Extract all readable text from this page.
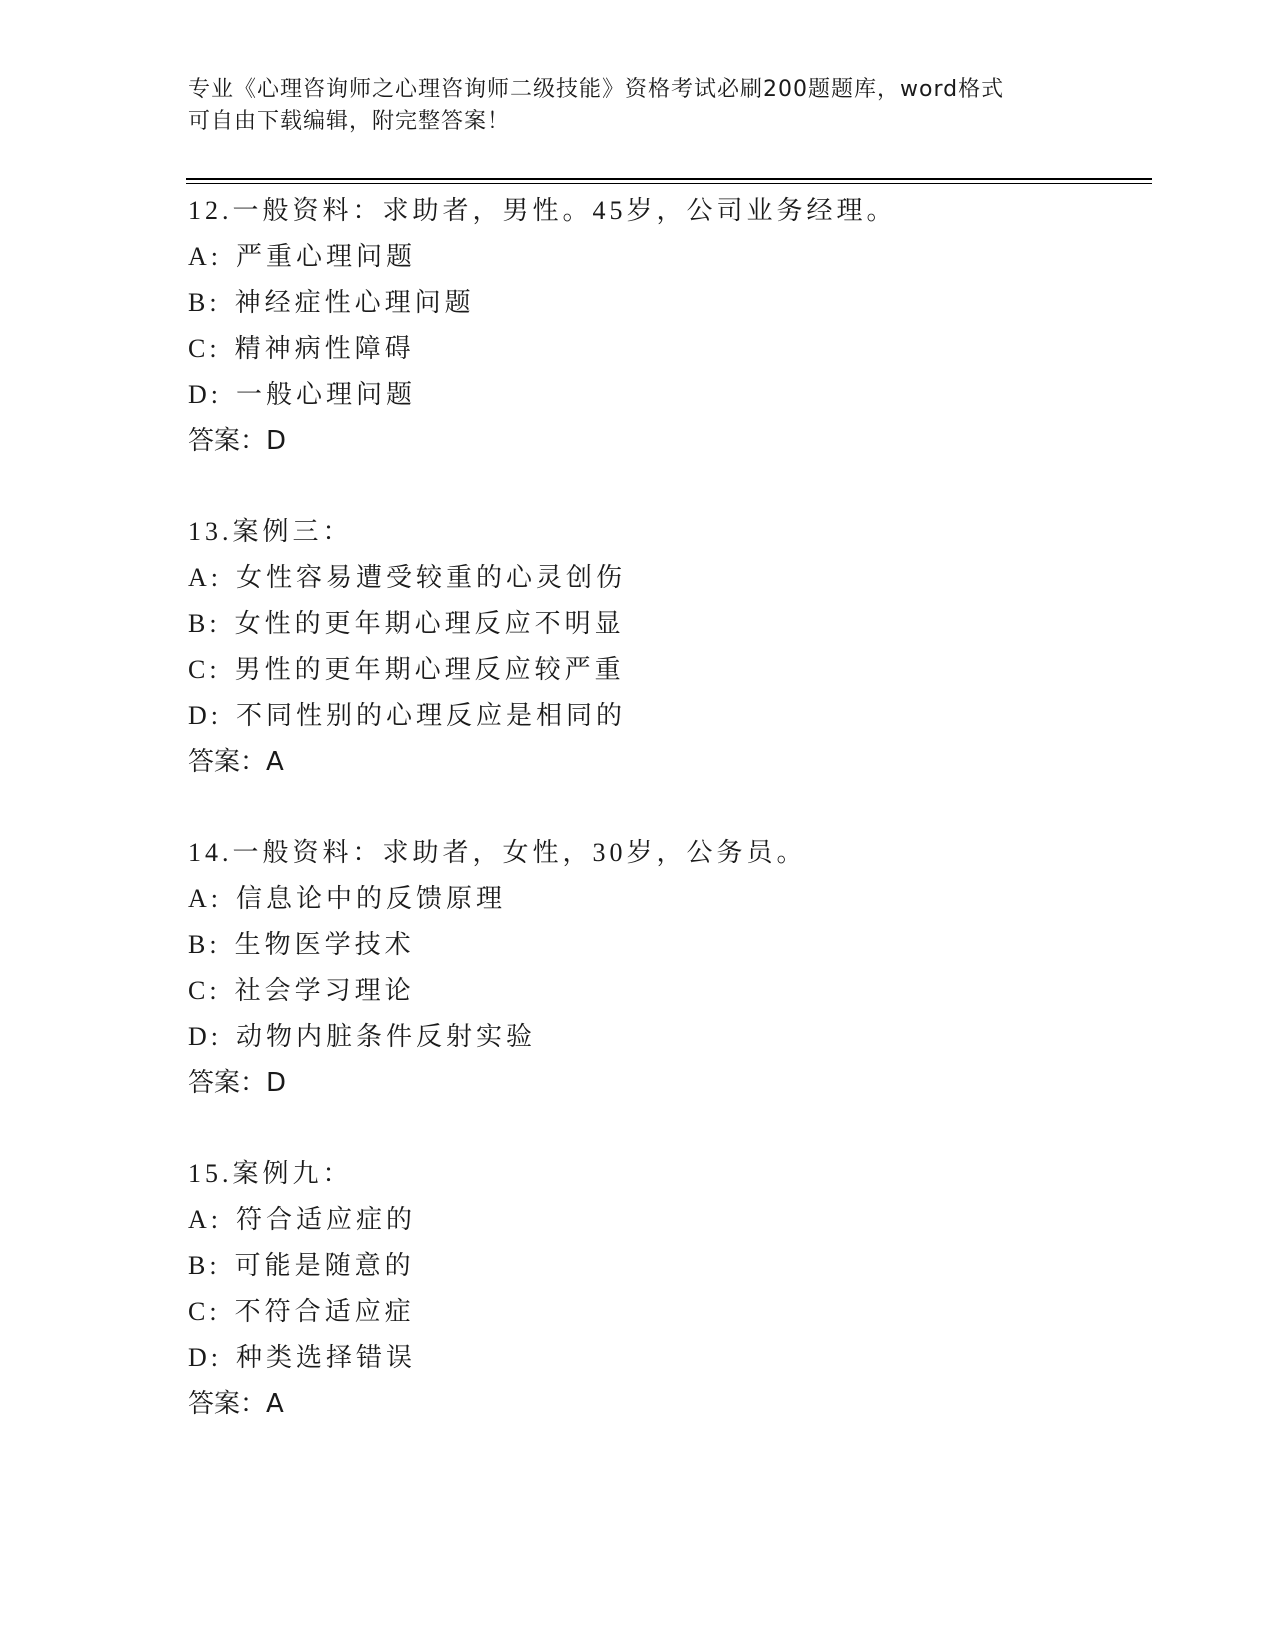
专业《心理咨询师之心理咨询师二级技能》资格考试必刷200题题库，word格式
可自由下载编辑，附完整答案！
12.一般资料：求助者，男性。45岁，公司业务经理。
A: 严重心理问题
B: 神经症性心理问题
C: 精神病性障碍
D: 一般心理问题
答案：D
13.案例三：
A: 女性容易遭受较重的心灵创伤
B: 女性的更年期心理反应不明显
C: 男性的更年期心理反应较严重
D: 不同性别的心理反应是相同的
答案：A
14.一般资料：求助者，女性，30岁，公务员。
A: 信息论中的反馈原理
B: 生物医学技术
C: 社会学习理论
D: 动物内脏条件反射实验
答案：D
15.案例九：
A: 符合适应症的
B: 可能是随意的
C: 不符合适应症
D: 种类选择错误
答案：A
